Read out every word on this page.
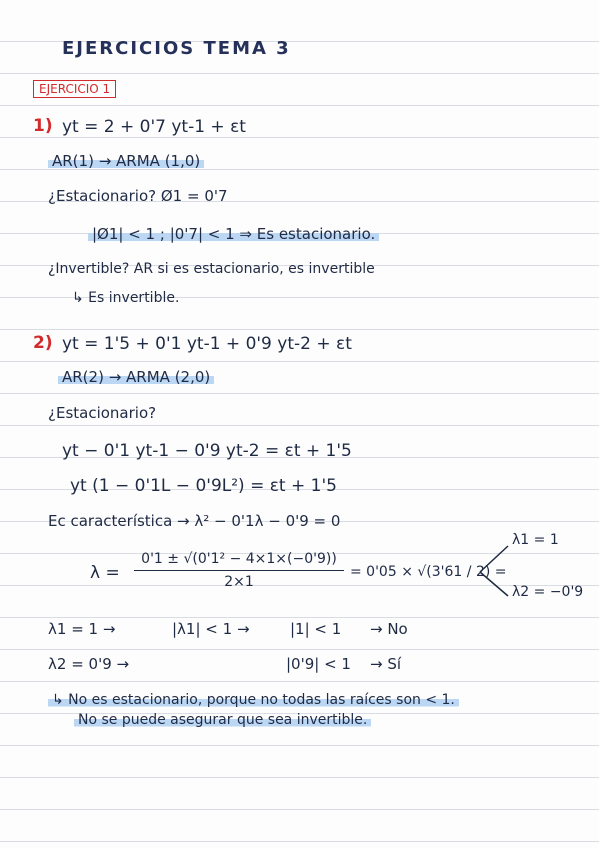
EJERCICIOS TEMA 3
EJERCICIO 1
1) yt = 2 + 0'7 yt-1 + εt
AR(1) → ARMA (1,0)
¿Estacionario? Ø1 = 0'7
|Ø1| < 1 ; |0'7| < 1 ⇒ Es estacionario.
¿Invertible? AR si es estacionario, es invertible
↳ Es invertible.
2) yt = 1'5 + 0'1 yt-1 + 0'9 yt-2 + εt
AR(2) → ARMA (2,0)
¿Estacionario?
yt − 0'1 yt-1 − 0'9 yt-2 = εt + 1'5
yt (1 − 0'1L − 0'9L²) = εt + 1'5
Ec característica → λ² − 0'1λ − 0'9 = 0
λ =
0'1 ± √(0'1² − 4×1×(−0'9))
2×1
= 0'05 × √(3'61 / 2) =
λ1 = 1
λ2 = −0'9
λ1 = 1 →	|λ1| < 1 →	|1| < 1 → No
λ2 = 0'9 →	|0'9| < 1 → Sí
↳ No es estacionario, porque no todas las raíces son < 1.
No se puede asegurar que sea invertible.
